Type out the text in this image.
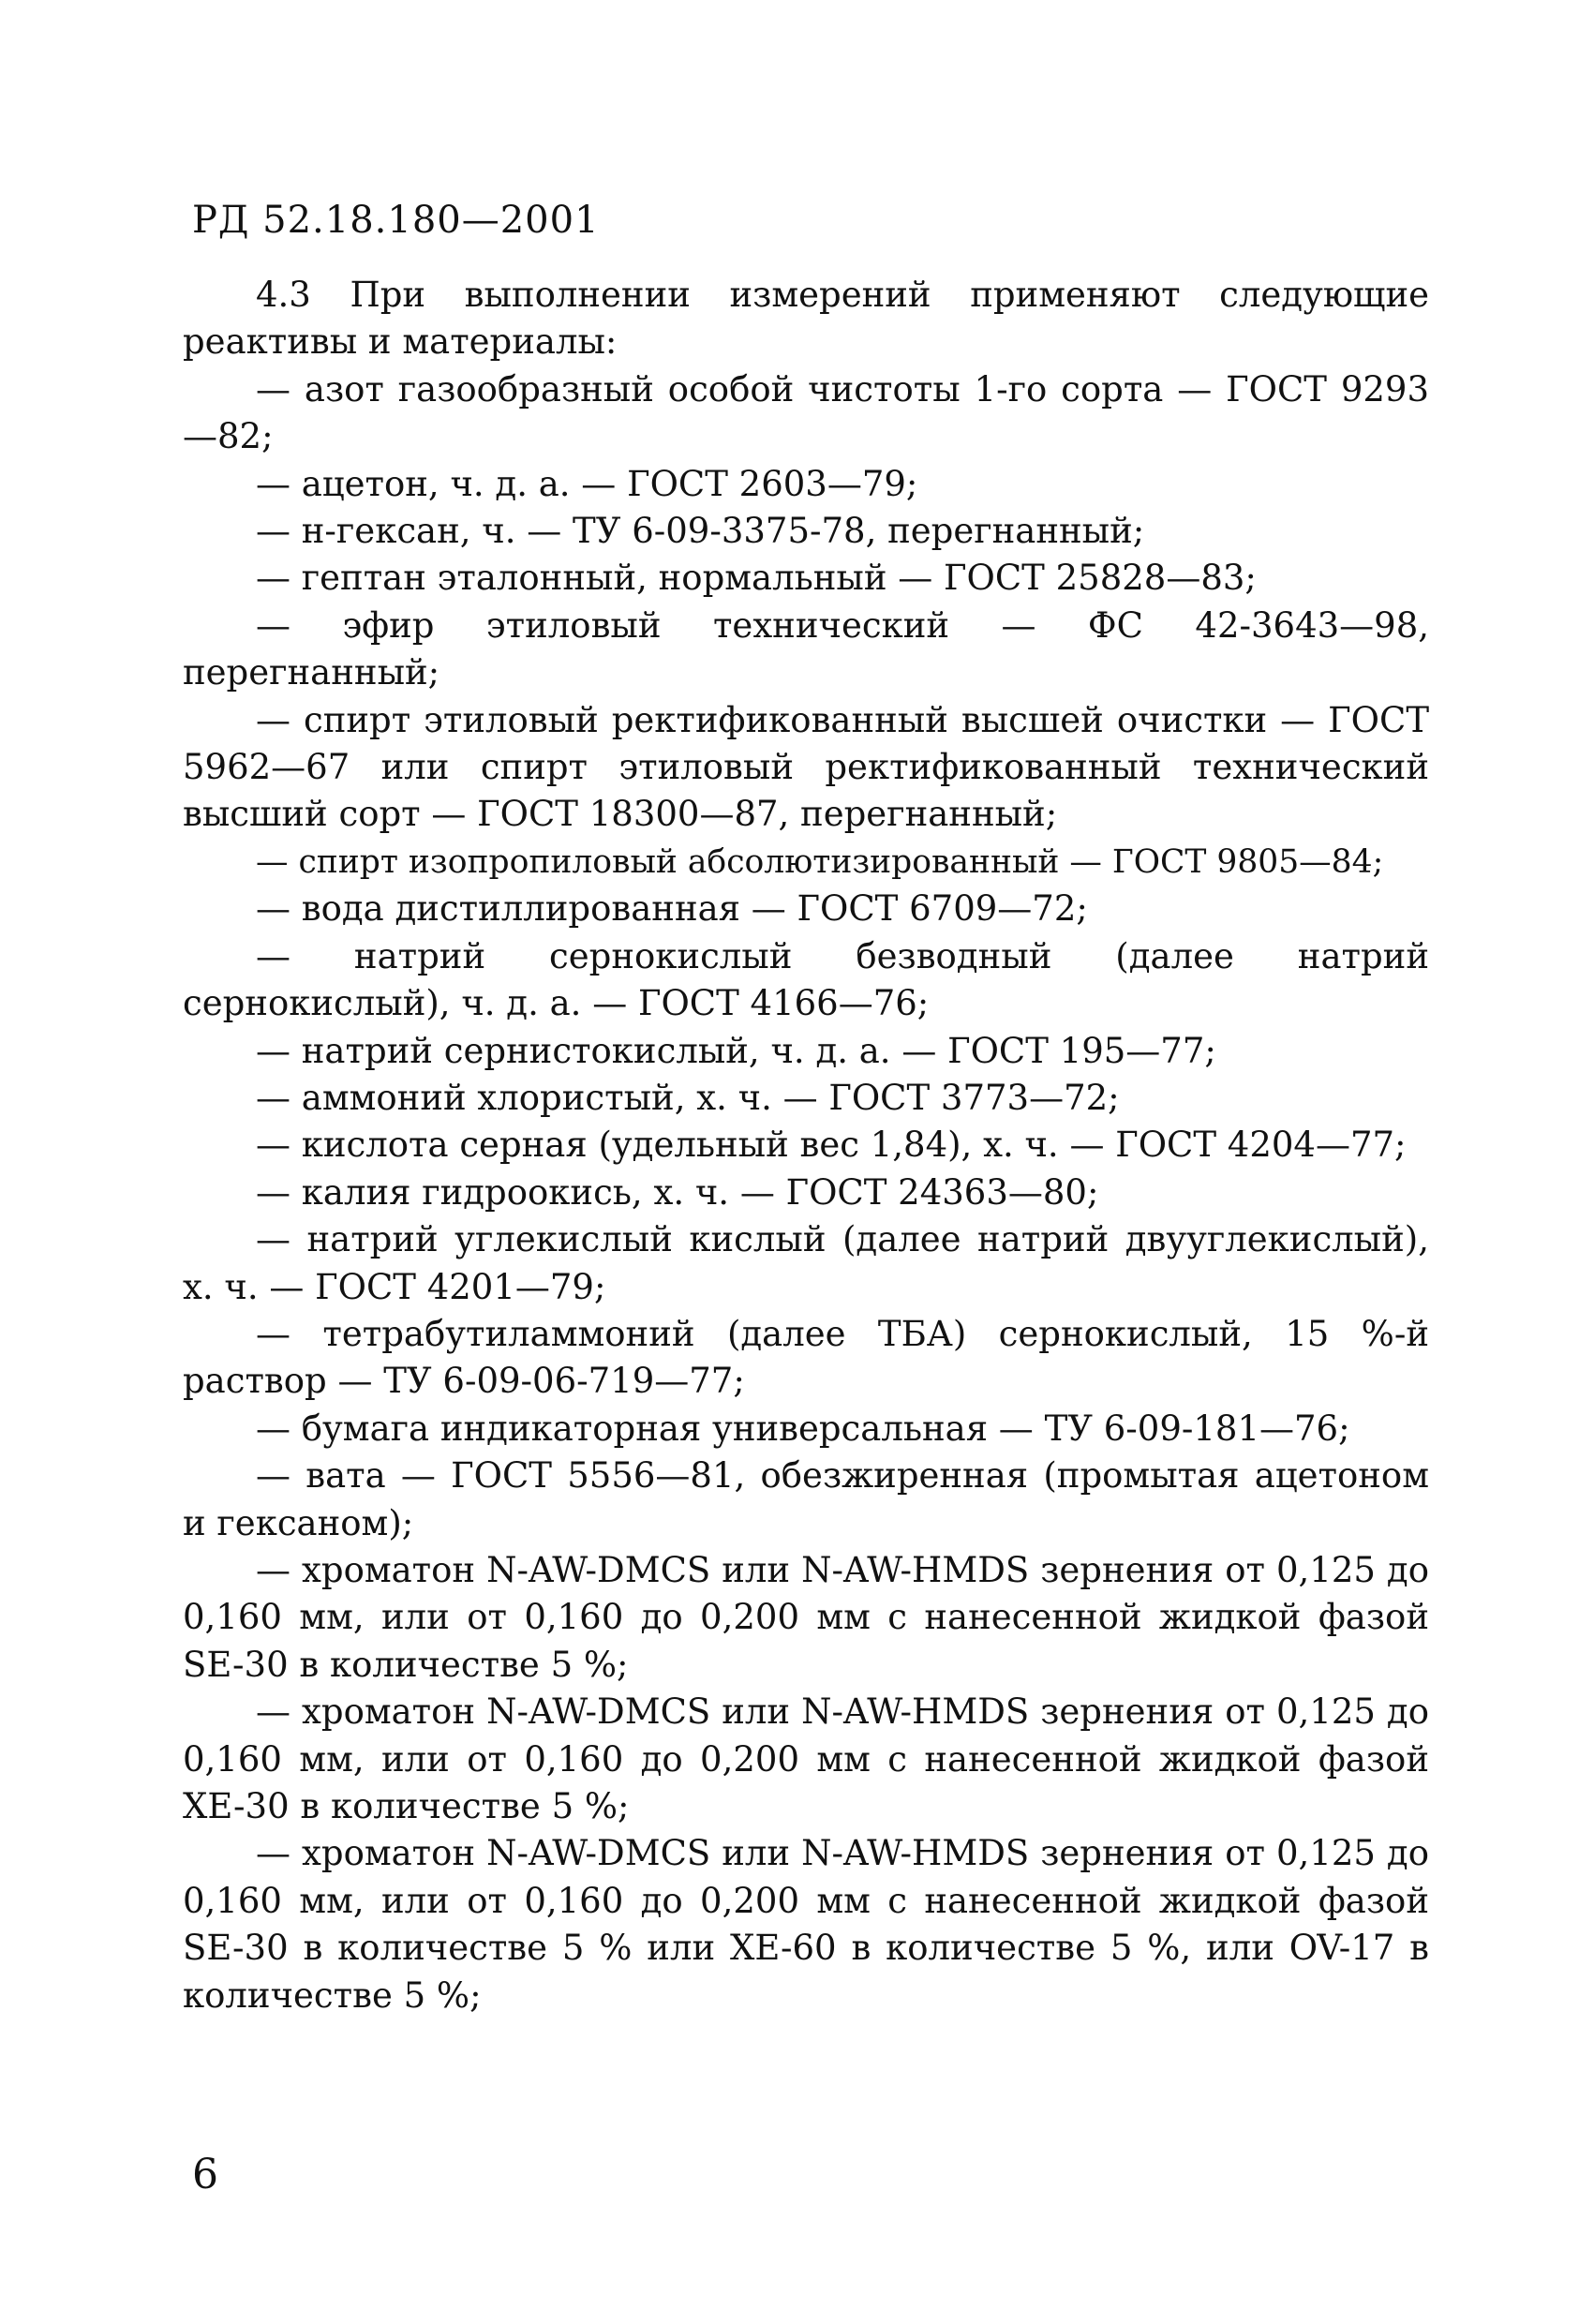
РД 52.18.180—2001

4.3 При выполнении измерений применяют следующие реактивы и материалы:

— азот газообразный особой чистоты 1-го сорта — ГОСТ 9293—82;

— ацетон, ч. д. а. — ГОСТ 2603—79;

— н-гексан, ч. — ТУ 6-09-3375-78, перегнанный;

— гептан эталонный, нормальный — ГОСТ 25828—83;

— эфир этиловый технический — ФС 42-3643—98, перегнанный;

— спирт этиловый ректификованный высшей очистки — ГОСТ 5962—67 или спирт этиловый ректификованный технический высший сорт — ГОСТ 18300—87, перегнанный;

— спирт изопропиловый абсолютизированный — ГОСТ 9805—84;

— вода дистиллированная — ГОСТ 6709—72;

— натрий сернокислый безводный (далее натрий сернокислый), ч. д. а. — ГОСТ 4166—76;

— натрий сернистокислый, ч. д. а. — ГОСТ 195—77;

— аммоний хлористый, х. ч. — ГОСТ 3773—72;

— кислота серная (удельный вес 1,84), х. ч. — ГОСТ 4204—77;

— калия гидроокись, х. ч. — ГОСТ 24363—80;

— натрий углекислый кислый (далее натрий двууглекислый), х. ч. — ГОСТ 4201—79;

— тетрабутиламмоний (далее ТБА) сернокислый, 15 %-й раствор — ТУ 6-09-06-719—77;

— бумага индикаторная универсальная — ТУ 6-09-181—76;

— вата — ГОСТ 5556—81, обезжиренная (промытая ацетоном и гексаном);

— хроматон N-AW-DMCS или N-AW-HMDS зернения от 0,125 до 0,160 мм, или от 0,160 до 0,200 мм с нанесенной жидкой фазой SE-30 в количестве 5 %;

— хроматон N-AW-DMCS или N-AW-HMDS зернения от 0,125 до 0,160 мм, или от 0,160 до 0,200 мм с нанесенной жидкой фазой XE-30 в количестве 5 %;

— хроматон N-AW-DMCS или N-AW-HMDS зернения от 0,125 до 0,160 мм, или от 0,160 до 0,200 мм с нанесенной жидкой фазой SE-30 в количестве 5 % или XE-60 в количестве 5 %, или OV-17 в количестве 5 %;

6
